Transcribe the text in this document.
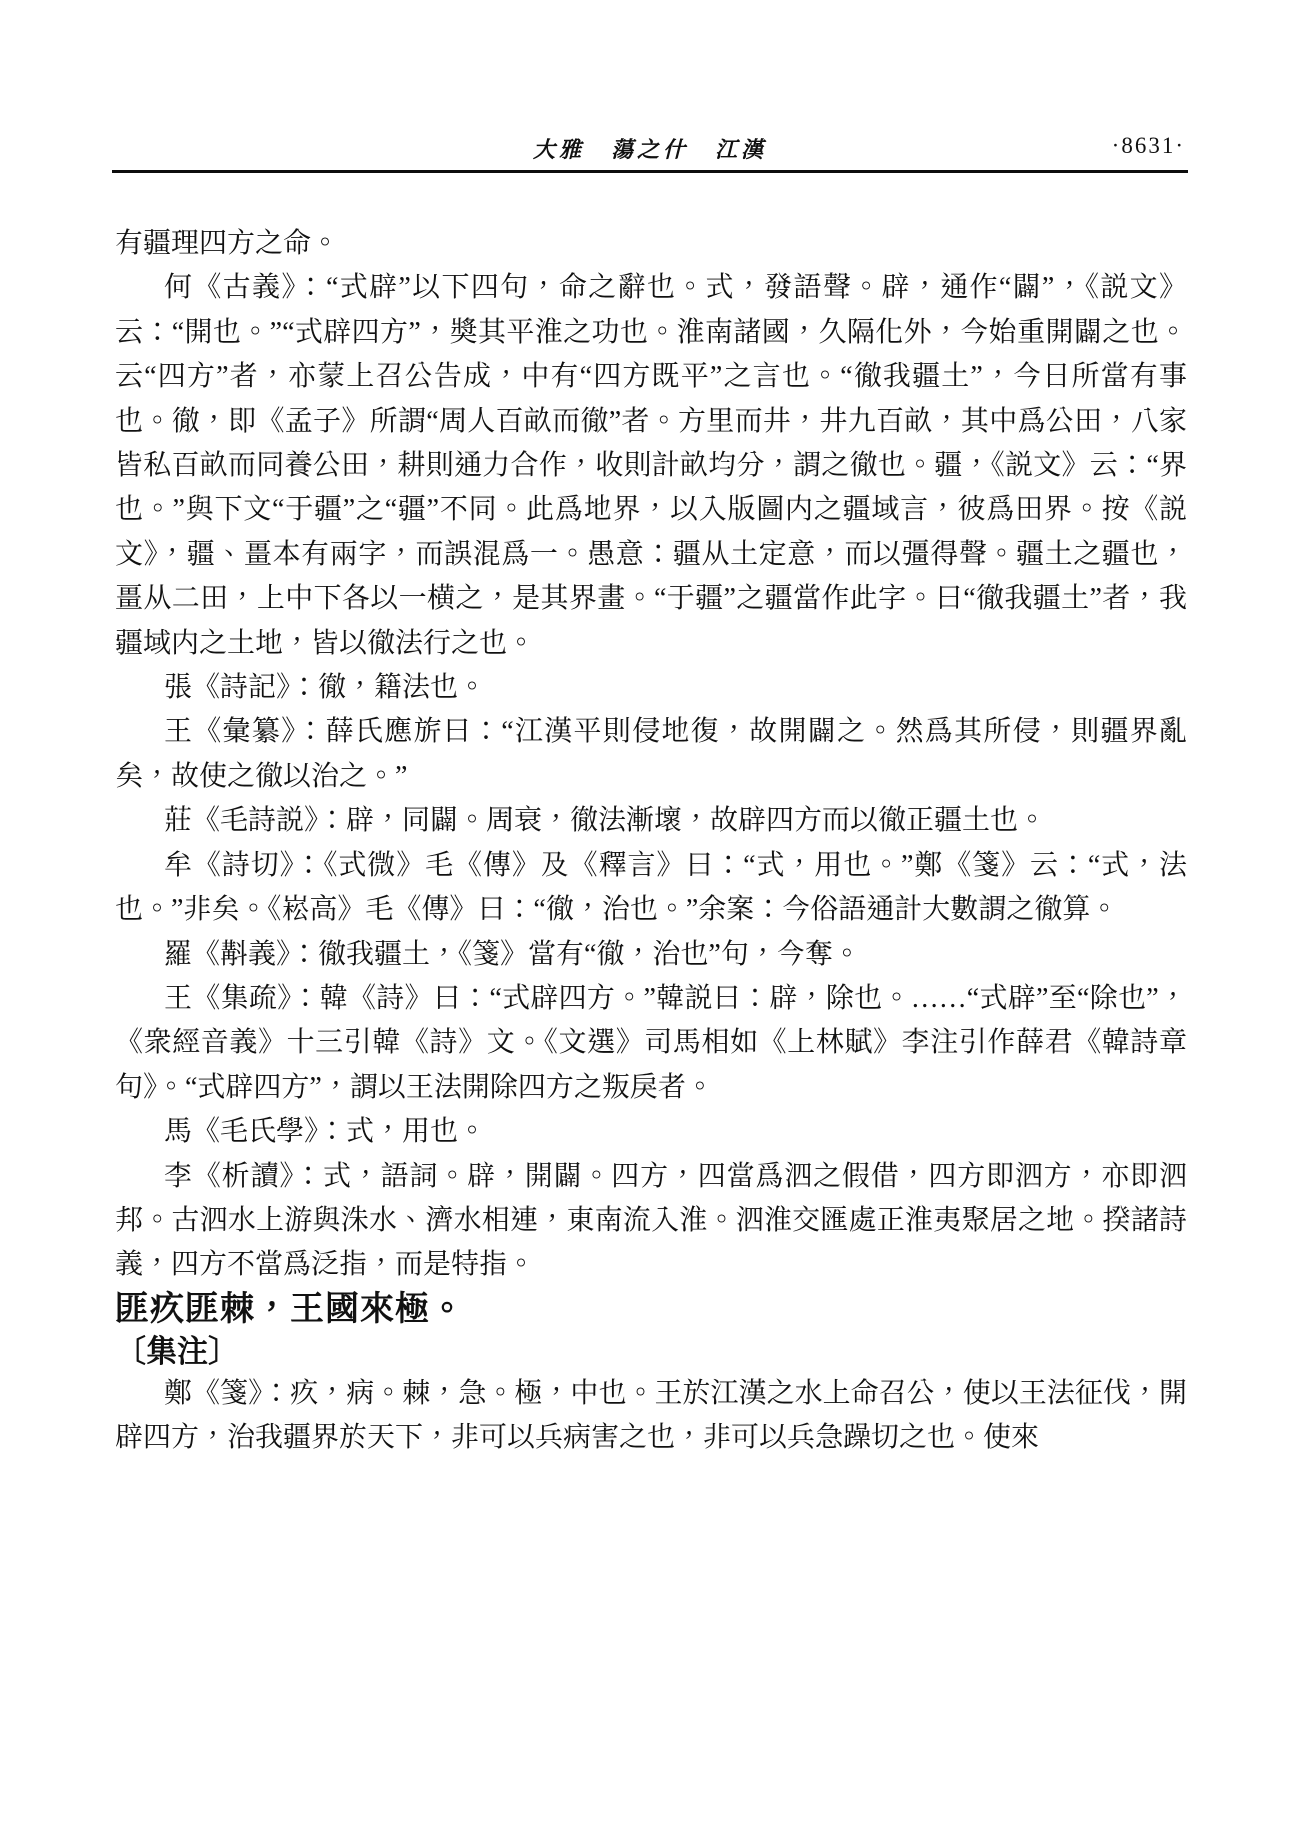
大雅　蕩之什　江漢	·8631·

有疆理四方之命。

何《古義》：“式辟”以下四句，命之辭也。式，發語聲。辟，通作“闢”，《説文》云：“開也。”“式辟四方”，奬其平淮之功也。淮南諸國，久隔化外，今始重開闢之也。云“四方”者，亦蒙上召公告成，中有“四方既平”之言也。“徹我疆土”，今日所當有事也。徹，即《孟子》所謂“周人百畝而徹”者。方里而井，井九百畝，其中爲公田，八家皆私百畝而同養公田，耕則通力合作，收則計畝均分，謂之徹也。疆，《説文》云：“界也。”與下文“于疆”之“疆”不同。此爲地界，以入版圖内之疆域言，彼爲田界。按《説文》，疆、畺本有兩字，而誤混爲一。愚意：疆从土定意，而以彊得聲。疆土之疆也，畺从二田，上中下各以一横之，是其界畫。“于疆”之疆當作此字。曰“徹我疆土”者，我疆域内之土地，皆以徹法行之也。

張《詩記》：徹，籍法也。

王《彙纂》：薛氏應旂曰：“江漢平則侵地復，故開闢之。然爲其所侵，則疆界亂矣，故使之徹以治之。”

莊《毛詩説》：辟，同闢。周衰，徹法漸壞，故辟四方而以徹正疆土也。

牟《詩切》：《式微》毛《傳》及《釋言》曰：“式，用也。”鄭《箋》云：“式，法也。”非矣。《崧高》毛《傳》曰：“徹，治也。”余案：今俗語通計大數謂之徹算。

羅《斠義》：徹我疆土，《箋》當有“徹，治也”句，今奪。

王《集疏》：韓《詩》曰：“式辟四方。”韓説曰：辟，除也。……“式辟”至“除也”，《衆經音義》十三引韓《詩》文。《文選》司馬相如《上林賦》李注引作薛君《韓詩章句》。“式辟四方”，謂以王法開除四方之叛戾者。

馬《毛氏學》：式，用也。

李《析讀》：式，語詞。辟，開闢。四方，四當爲泗之假借，四方即泗方，亦即泗邦。古泗水上游與洙水、濟水相連，東南流入淮。泗淮交匯處正淮夷聚居之地。揆諸詩義，四方不當爲泛指，而是特指。

匪疚匪棘，王國來極。

〔集注〕

鄭《箋》：疚，病。棘，急。極，中也。王於江漢之水上命召公，使以王法征伐，開辟四方，治我疆界於天下，非可以兵病害之也，非可以兵急躁切之也。使來
